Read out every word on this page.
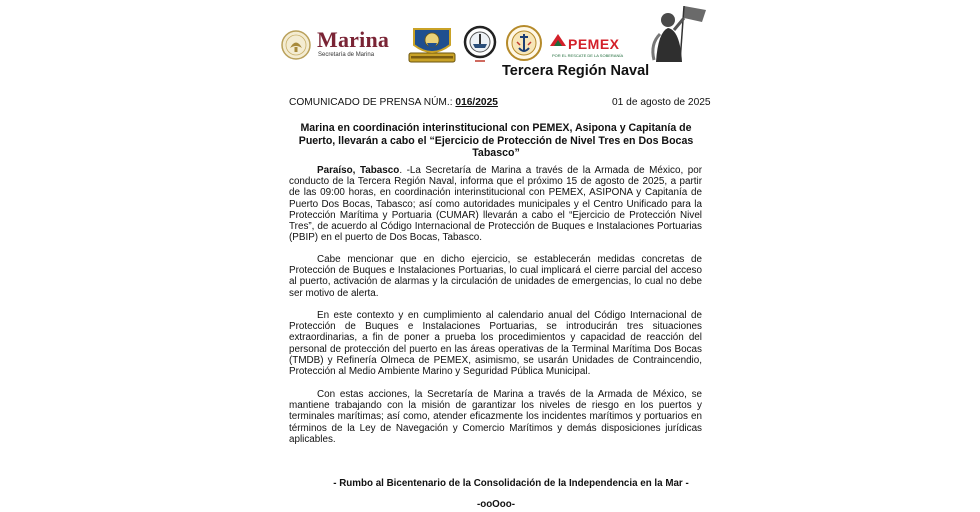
Marina
Secretaría de Marina
PEMEX
POR EL RESCATE DE LA SOBERANÍA
Tercera Región Naval
COMUNICADO DE PRENSA NÚM.: 016/2025	01 de agosto de 2025
Marina en coordinación interinstitucional con PEMEX, Asipona y Capitanía de Puerto, llevarán a cabo el “Ejercicio de Protección de Nivel Tres en Dos Bocas Tabasco”

Paraíso, Tabasco. -La Secretaría de Marina a través de la Armada de México, por conducto de la Tercera Región Naval, informa que el próximo 15 de agosto de 2025, a partir de las 09:00 horas, en coordinación interinstitucional con PEMEX, ASIPONA y Capitanía de Puerto Dos Bocas, Tabasco; así como autoridades municipales y el Centro Unificado para la Protección Marítima y Portuaria (CUMAR) llevarán a cabo el “Ejercicio de Protección Nivel Tres”, de acuerdo al Código Internacional de Protección de Buques e Instalaciones Portuarias (PBIP) en el puerto de Dos Bocas, Tabasco.

Cabe mencionar que en dicho ejercicio, se establecerán medidas concretas de Protección de Buques e Instalaciones Portuarias, lo cual implicará el cierre parcial del acceso al puerto, activación de alarmas y la circulación de unidades de emergencias, lo cual no debe ser motivo de alerta.

En este contexto y en cumplimiento al calendario anual del Código Internacional de Protección de Buques e Instalaciones Portuarias, se introducirán tres situaciones extraordinarias, a fin de poner a prueba los procedimientos y capacidad de reacción del personal de protección del puerto en las áreas operativas de la Terminal Marítima Dos Bocas (TMDB) y Refinería Olmeca de PEMEX, asimismo, se usarán Unidades de Contraincendio, Protección al Medio Ambiente Marino y Seguridad Pública Municipal.

Con estas acciones, la Secretaría de Marina a través de la Armada de México, se mantiene trabajando con la misión de garantizar los niveles de riesgo en los puertos y terminales marítimas; así como, atender eficazmente los incidentes marítimos y portuarios en términos de la Ley de Navegación y Comercio Marítimos y demás disposiciones jurídicas aplicables.

- Rumbo al Bicentenario de la Consolidación de la Independencia en la Mar -
-ooOoo-
